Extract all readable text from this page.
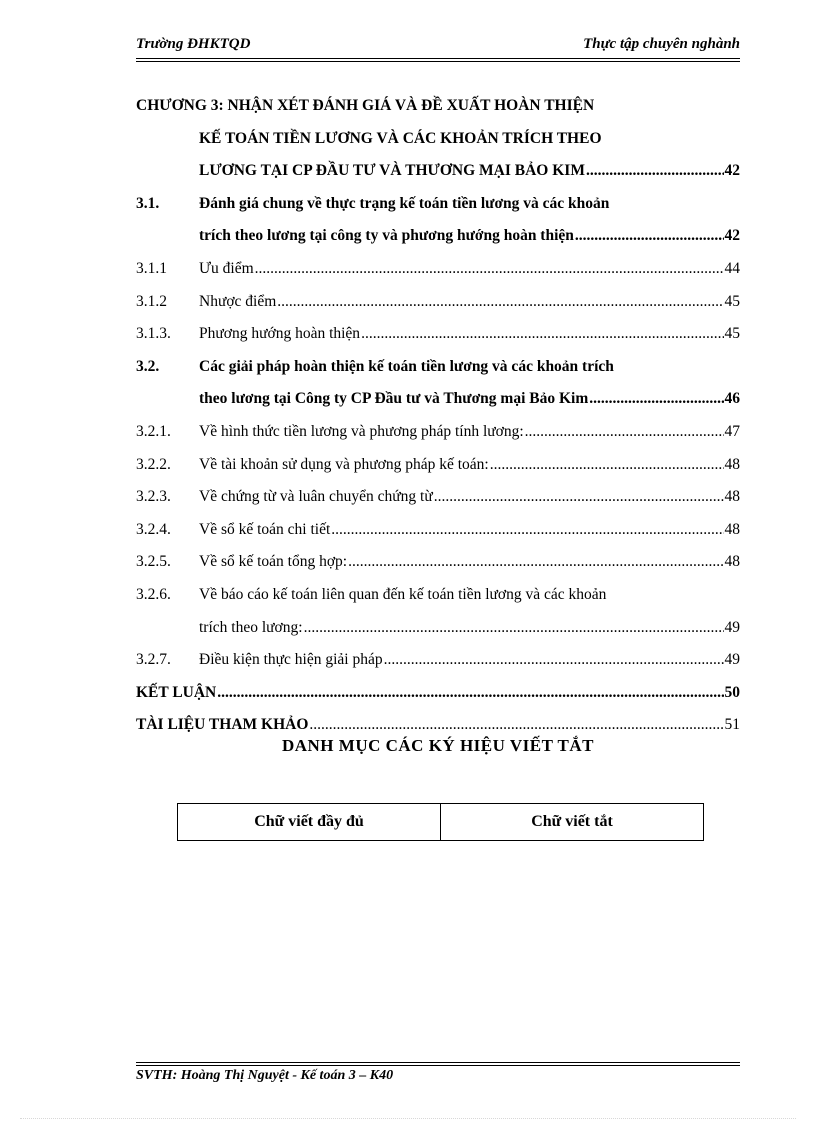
Trường ĐHKTQD	Thực tập chuyên nghành
CHƯƠNG 3: NHẬN XÉT ĐÁNH GIÁ VÀ ĐỀ XUẤT HOÀN THIỆN
KẾ TOÁN TIỀN LƯƠNG VÀ CÁC KHOẢN TRÍCH THEO
LƯƠNG TẠI CP ĐẦU TƯ VÀ THƯƠNG MẠI BẢO KIM .....	42
3.1.	Đánh giá chung về thực trạng kế toán tiền lương và các khoản
trích theo lương tại công ty và phương hướng hoàn thiện .....	42
3.1.1 Ưu điểm .....	44
3.1.2 Nhược điểm .....	45
3.1.3. Phương hướng hoàn thiện .....	45
3.2.	Các giải pháp hoàn thiện kế toán tiền lương và các khoản trích
theo lương tại Công ty CP Đầu tư và Thương mại Bảo Kim .....	46
3.2.1. Về hình thức tiền lương và phương pháp tính lương: .....	47
3.2.2. Về tài khoản sử dụng và phương pháp kế toán: .....	48
3.2.3. Về chứng từ và luân chuyển chứng từ .....	48
3.2.4. Về sổ kế toán chi tiết .....	48
3.2.5. Về sổ kế toán tổng hợp: .....	48
3.2.6. Về báo cáo kế toán liên quan đến kế toán tiền lương và các khoản
trích theo lương: .....	49
3.2.7. Điều kiện thực hiện giải pháp .....	49
KẾT LUẬN .....	50
TÀI LIỆU THAM KHẢO .....	51
DANH MỤC CÁC KÝ HIỆU VIẾT TẮT
Chữ viết đầy đủ	Chữ viết tắt
SVTH: Hoàng Thị Nguyệt - Kế toán 3 – K40
